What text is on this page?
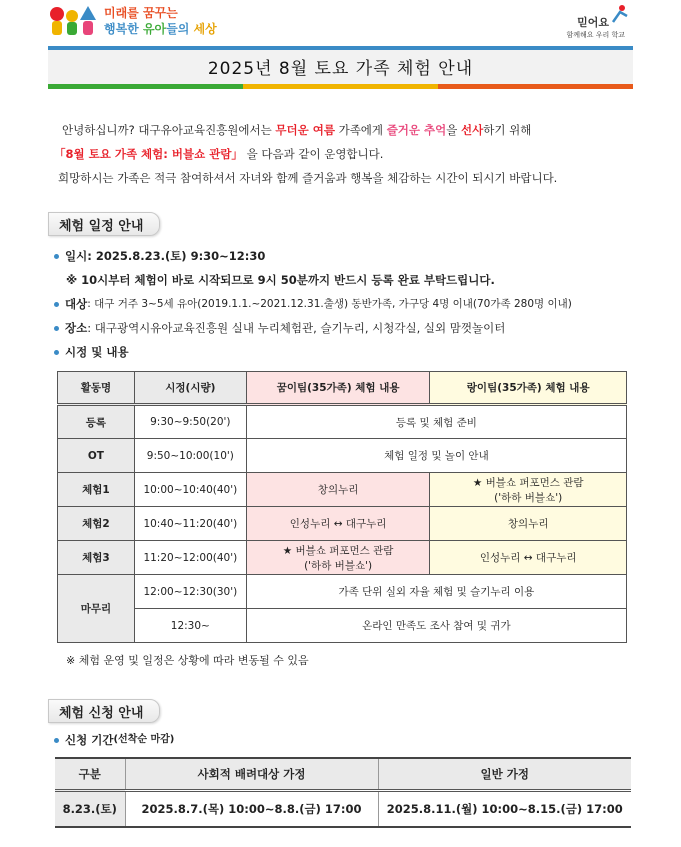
미래를 꿈꾸는
행복한 유아들의 세상	믿어요
함께해요 우리 학교
2025년 8월 토요 가족 체험 안내

안녕하십니까? 대구유아교육진흥원에서는 무더운 여름 가족에게 즐거운 추억을 선사하기 위해

「8월 토요 가족 체험: 버블쇼 관람」 을 다음과 같이 운영합니다.

희망하시는 가족은 적극 참여하셔서 자녀와 함께 즐거움과 행복을 체감하는 시간이 되시기 바랍니다.

체험 일정 안내
일시 : 2025.8.23.(토) 9:30~12:30
※ 10시부터 체험이 바로 시작되므로 9시 50분까지 반드시 등록 완료 부탁드립니다.
대상 : 대구 거주 3~5세 유아(2019.1.1.~2021.12.31.출생) 동반가족, 가구당 4명 이내(70가족 280명 이내)
장소 : 대구광역시유아교육진흥원 실내 누리체험관, 슬기누리, 시청각실, 실외 맘껏놀이터
시정 및 내용
활동명	시정(시량)	꿈이팀(35가족) 체험 내용	랑이팀(35가족) 체험 내용
등록	9:30~9:50(20')	등록 및 체험 준비	
OT	9:50~10:00(10')	체험 일정 및 놀이 안내	
체험1	10:00~10:40(40')	창의누리	★ 버블쇼 퍼포먼스 관람
('하하 버블쇼')

체험2	10:40~11:20(40')	인성누리 ↔ 대구누리	창의누리
체험3	11:20~12:00(40')	★ 버블쇼 퍼포먼스 관람
('하하 버블쇼')	인성누리 ↔ 대구누리
마무리	12:00~12:30(30')	가족 단위 실외 자율 체험 및 슬기누리 이용	
	12:30~	온라인 만족도 조사 참여 및 귀가	
※ 체험 운영 및 일정은 상황에 따라 변동될 수 있음
체험 신청 안내
신청 기간 (선착순 마감)
구분	사회적 배려대상 가정	일반 가정
8.23.(토)	2025.8.7.(목) 10:00~8.8.(금) 17:00	2025.8.11.(월) 10:00~8.15.(금) 17:00
